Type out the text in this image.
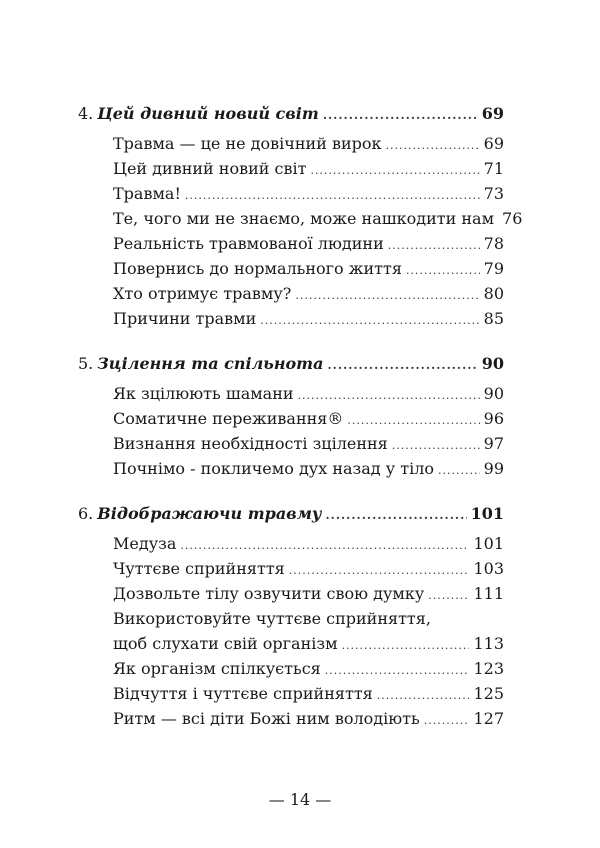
4. Цей дивний новий світ .....	69
Травма — це не довічний вирок .....	69
Цей дивний новий світ .....	71
Травма! .....	73
Те, чого ми не знаємо, може нашкодити нам 76
Реальність травмованої людини .....	78
Повернись до нормального життя .....	79
Хто отримує травму? .....	80
Причини травми .....	85
5. Зцілення та спільнота .....	90
Як зцілюють шамани .....	90
Соматичне переживання® .....	96
Визнання необхідності зцілення .....	97
Почнімо - покличемо дух назад у тіло .....	99
6. Відображаючи травму .....	101
Медуза .....	101
Чуттєве сприйняття .....	103
Дозвольте тілу озвучити свою думку .....	111
Використовуйте чуттєве сприйняття,
щоб слухати свій організм .....	113
Як організм спілкується .....	123
Відчуття і чуттєве сприйняття .....	125
Ритм — всі діти Божі ним володіють .....	127
— 14 —
